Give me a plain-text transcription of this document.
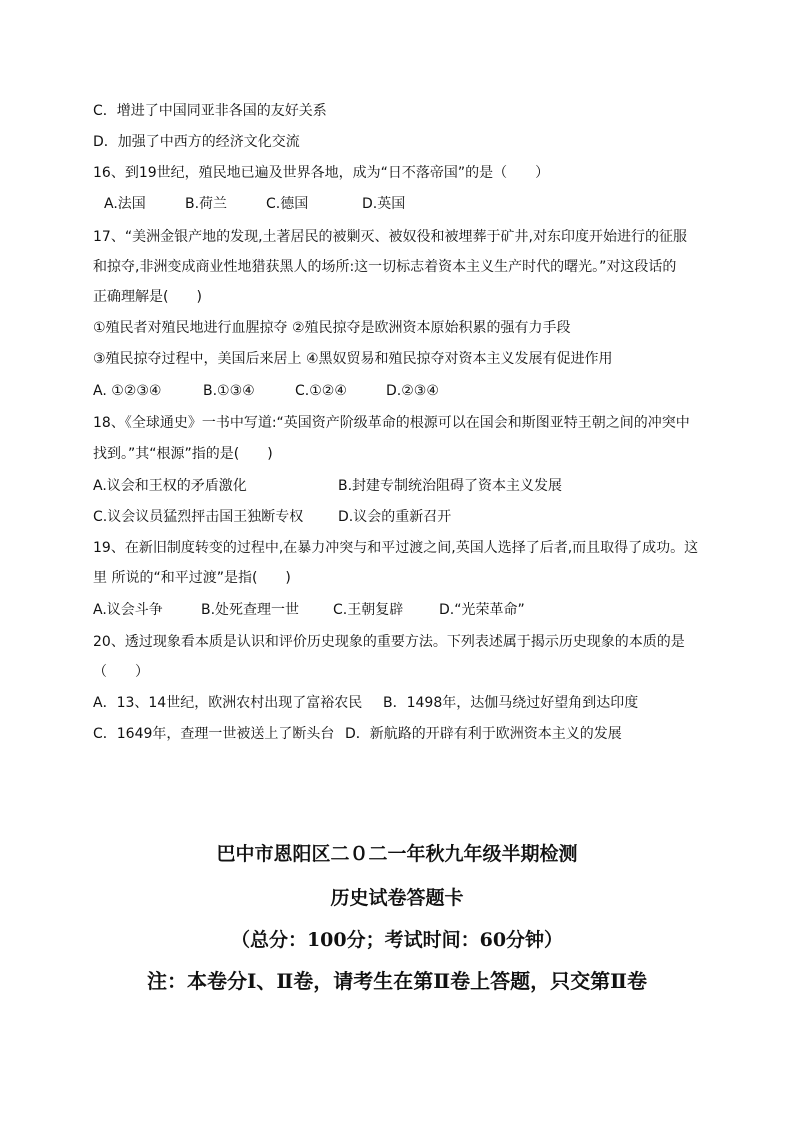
C．增进了中国同亚非各国的友好关系
D．加强了中西方的经济文化交流
16、到19世纪，殖民地已遍及世界各地，成为“日不落帝国”的是（　　）
A.法国	B.荷兰	C.德国	D.英国
17、“美洲金银产地的发现,土著居民的被剿灭、被奴役和被埋葬于矿井,对东印度开始进行的征服
和掠夺,非洲变成商业性地猎获黑人的场所:这一切标志着资本主义生产时代的曙光。”对这段话的
正确理解是(　　)
①殖民者对殖民地进行血腥掠夺 ②殖民掠夺是欧洲资本原始积累的强有力手段
③殖民掠夺过程中，美国后来居上 ④黑奴贸易和殖民掠夺对资本主义发展有促进作用
A. ①②③④	B.①③④	C.①②④	D.②③④
18、《全球通史》一书中写道:“英国资产阶级革命的根源可以在国会和斯图亚特王朝之间的冲突中
找到。”其“根源”指的是(　　)
A.议会和王权的矛盾激化	B.封建专制统治阻碍了资本主义发展
C.议会议员猛烈抨击国王独断专权 D.议会的重新召开
19、在新旧制度转变的过程中,在暴力冲突与和平过渡之间,英国人选择了后者,而且取得了成功。这
里 所说的“和平过渡”是指(　　)
A.议会斗争	B.处死查理一世 C.王朝复辟	D.“光荣革命”
20、透过现象看本质是认识和评价历史现象的重要方法。下列表述属于揭示历史现象的本质的是
（　　）
A．13、14世纪，欧洲农村出现了富裕农民 B．1498年，达伽马绕过好望角到达印度
C．1649年，查理一世被送上了断头台 D．新航路的开辟有利于欧洲资本主义的发展
巴中市恩阳区二０二一年秋九年级半期检测
历史试卷答题卡
（总分：100分；考试时间：60分钟）
注：本卷分Ⅰ、Ⅱ卷，请考生在第Ⅱ卷上答题，只交第Ⅱ卷
